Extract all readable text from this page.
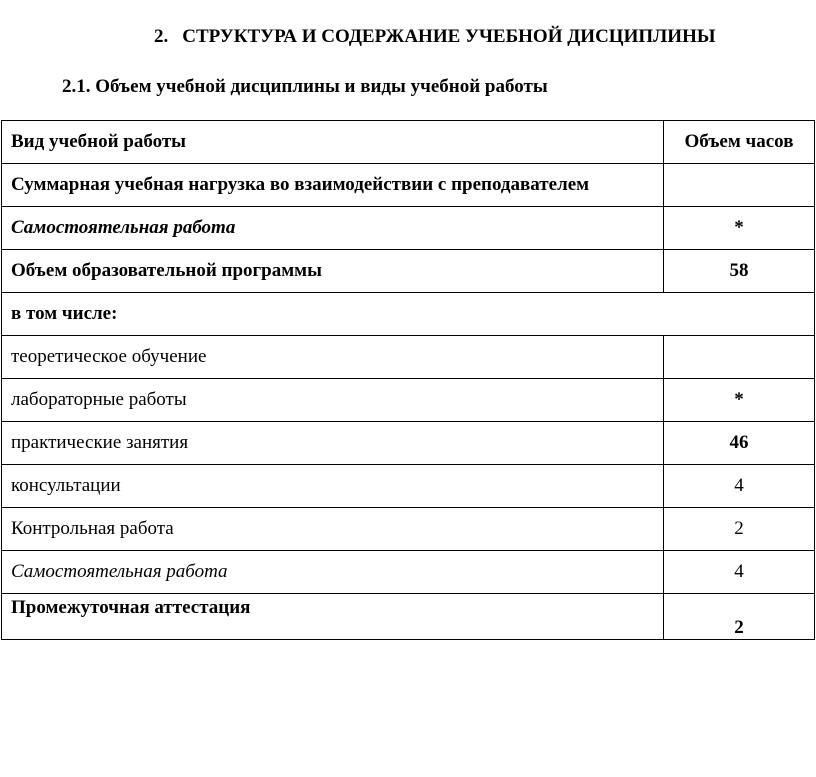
2. СТРУКТУРА И СОДЕРЖАНИЕ УЧЕБНОЙ ДИСЦИПЛИНЫ
2.1. Объем учебной дисциплины и виды учебной работы
Вид учебной работы	Объем часов
Суммарная учебная нагрузка во взаимодействии с преподавателем	
Самостоятельная работа	*
Объем образовательной программы	58
в том числе:	
теоретическое обучение	
лабораторные работы	*
практические занятия	46
консультации	4
Контрольная работа	2
Самостоятельная работа	4
Промежуточная аттестация	2
